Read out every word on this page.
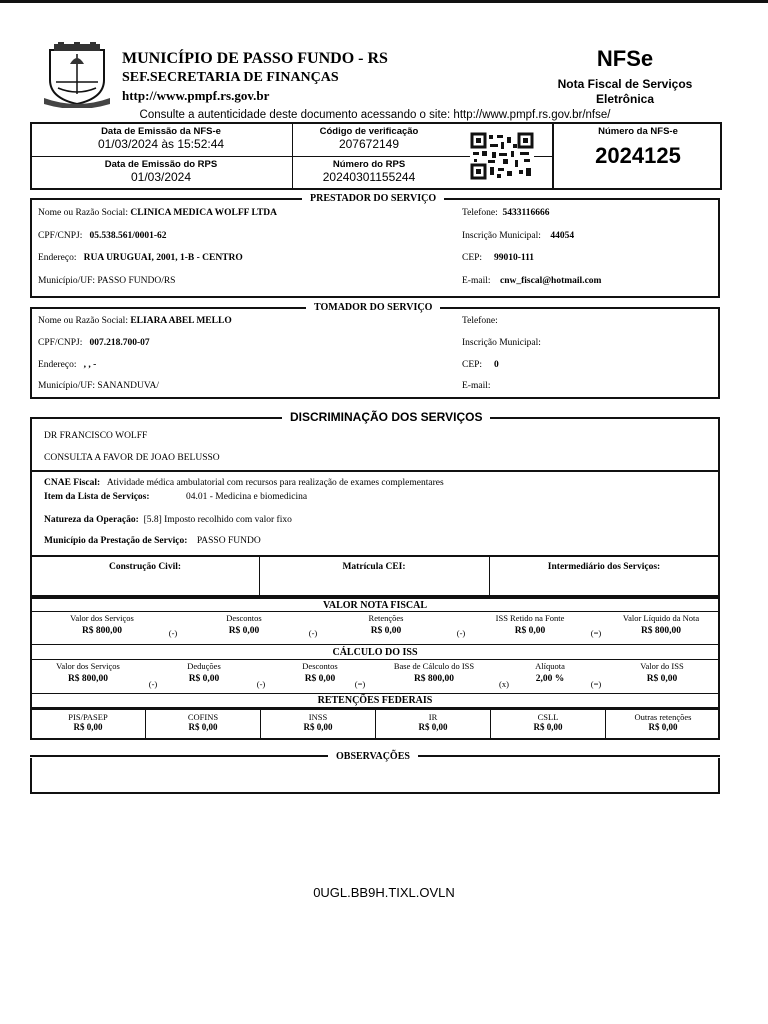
MUNICÍPIO DE PASSO FUNDO - RS
SEF.SECRETARIA DE FINANÇAS
http://www.pmpf.rs.gov.br
NFSe
Nota Fiscal de Serviços
Eletrônica
Consulte a autenticidade deste documento acessando o site: http://www.pmpf.rs.gov.br/nfse/
Data de Emissão da NFS-e
01/03/2024 às 15:52:44
Código de verificação
207672149
Data de Emissão do RPS
01/03/2024
Número do RPS
20240301155244
Número da NFS-e
2024125
PRESTADOR DO SERVIÇO
Nome ou Razão Social: CLINICA MEDICA WOLFF LTDA
CPF/CNPJ: 05.538.561/0001-62
Endereço: RUA URUGUAI, 2001, 1-B - CENTRO
Município/UF: PASSO FUNDO/RS
Telefone: 5433116666
Inscrição Municipal: 44054
CEP: 99010-111
E-mail: cnw_fiscal@hotmail.com
TOMADOR DO SERVIÇO
Nome ou Razão Social: ELIARA ABEL MELLO
CPF/CNPJ: 007.218.700-07
Endereço: , , -
Município/UF: SANANDUVA/
Telefone:
Inscrição Municipal:
CEP: 0
E-mail:
DISCRIMINAÇÃO DOS SERVIÇOS
DR FRANCISCO WOLFF
CONSULTA A FAVOR DE JOAO BELUSSO
CNAE Fiscal: Atividade médica ambulatorial com recursos para realização de exames complementares
Item da Lista de Serviços:	04.01 - Medicina e biomedicina
Natureza da Operação: [5.8] Imposto recolhido com valor fixo
Município da Prestação de Serviço: PASSO FUNDO
Construção Civil:	Matrícula CEI:	Intermediário dos Serviços:
VALOR NOTA FISCAL
Valor dos Serviços
R$ 800,00	(-)
Descontos
R$ 0,00	(-)
Retenções
R$ 0,00	(-)
ISS Retido na Fonte
R$ 0,00	(=)
Valor Líquido da Nota
R$ 800,00
CÁLCULO DO ISS
Valor dos Serviços
R$ 800,00	(-)
Deduções
R$ 0,00	(-)
Descontos
R$ 0,00	(=)
Base de Cálculo do ISS
R$ 800,00	(x)
Alíquota
2,00 %	(=)
Valor do ISS
R$ 0,00
RETENÇÕES FEDERAIS
PIS/PASEP
R$ 0,00
COFINS
R$ 0,00
INSS
R$ 0,00
IR
R$ 0,00
CSLL
R$ 0,00
Outras retenções
R$ 0,00
OBSERVAÇÕES
0UGL.BB9H.TIXL.OVLN
